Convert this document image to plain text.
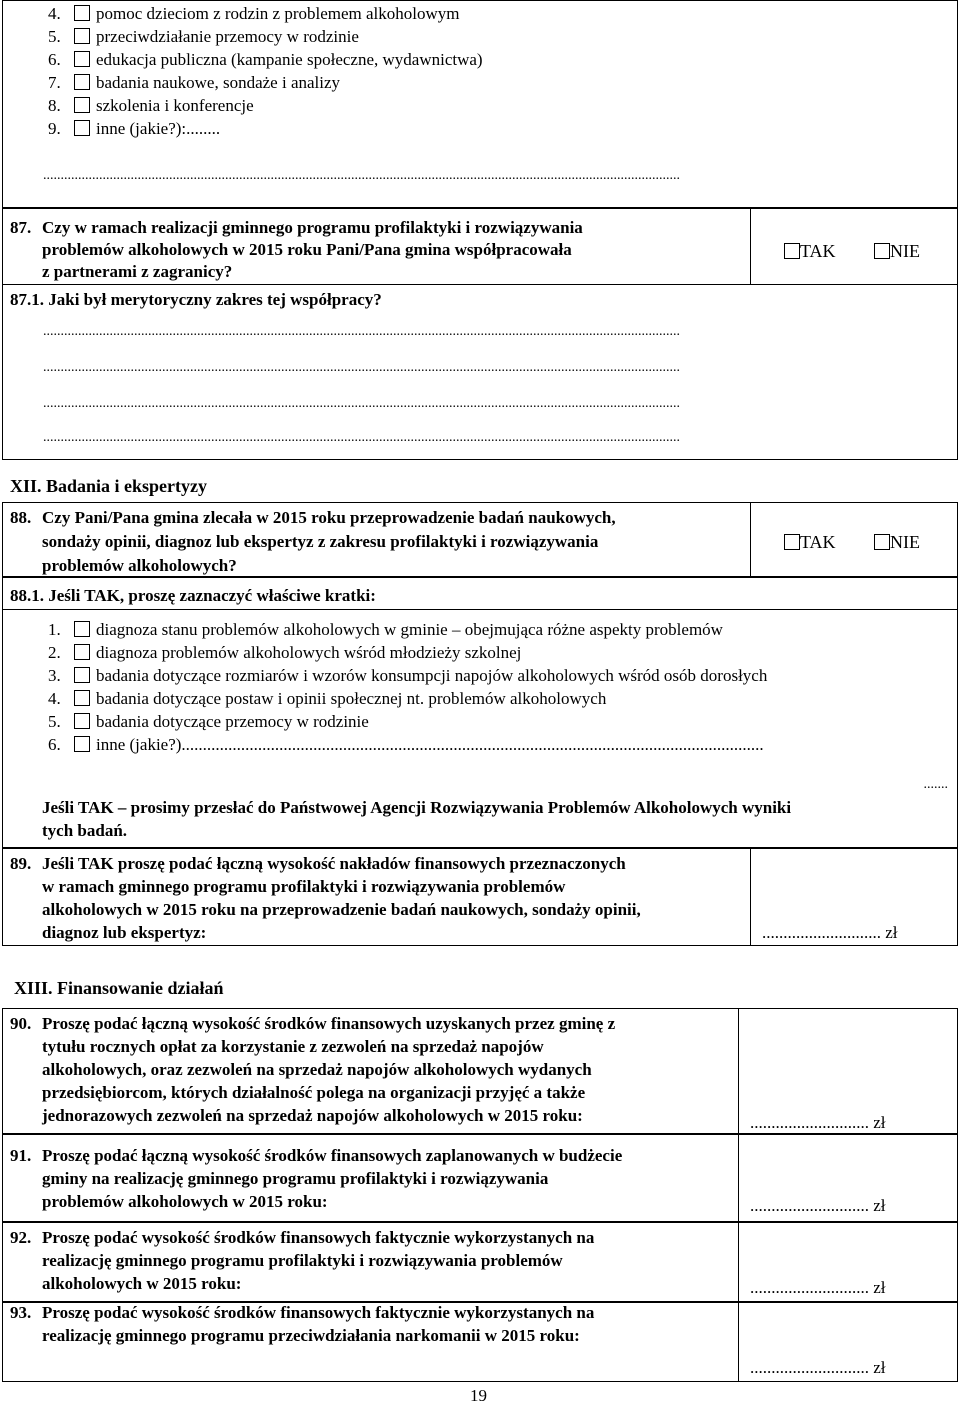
4. pomoc dzieciom z rodzin z problemem alkoholowym
5. przeciwdziałanie przemocy w rodzinie
6. edukacja publiczna (kampanie społeczne, wydawnictwa)
7. badania naukowe, sondaże i analizy
8. szkolenia i konferencje
9. inne (jakie?):........
......................................................................................................................................................................................
87. Czy w ramach realizacji gminnego programu profilaktyki i rozwiązywania
problemów alkoholowych w 2015 roku Pani/Pana gmina współpracowała
z partnerami z zagranicy?
TAK	NIE
87.1. Jaki był merytoryczny zakres tej współpracy?
......................................................................................................................................................................................
......................................................................................................................................................................................
......................................................................................................................................................................................
......................................................................................................................................................................................
XII. Badania i ekspertyzy
88. Czy Pani/Pana gmina zlecała w 2015 roku przeprowadzenie badań naukowych,
sondaży opinii, diagnoz lub ekspertyz z zakresu profilaktyki i rozwiązywania
problemów alkoholowych?
TAK	NIE
88.1. Jeśli TAK, proszę zaznaczyć właściwe kratki:
1. diagnoza stanu problemów alkoholowych w gminie – obejmująca różne aspekty problemów
2. diagnoza problemów alkoholowych wśród młodzieży szkolnej
3. badania dotyczące rozmiarów i wzorów konsumpcji napojów alkoholowych wśród osób dorosłych
4. badania dotyczące postaw i opinii społecznej nt. problemów alkoholowych
5. badania dotyczące przemocy w rodzinie
6. inne (jakie?).........................................................................................................................................
.......
Jeśli TAK – prosimy przesłać do Państwowej Agencji Rozwiązywania Problemów Alkoholowych wyniki
tych badań.
89. Jeśli TAK proszę podać łączną wysokość nakładów finansowych przeznaczonych
w ramach gminnego programu profilaktyki i rozwiązywania problemów
alkoholowych w 2015 roku na przeprowadzenie badań naukowych, sondaży opinii,
diagnoz lub ekspertyz:	............................ zł
XIII. Finansowanie działań
90. Proszę podać łączną wysokość środków finansowych uzyskanych przez gminę z
tytułu rocznych opłat za korzystanie z zezwoleń na sprzedaż napojów
alkoholowych, oraz zezwoleń na sprzedaż napojów alkoholowych wydanych
przedsiębiorcom, których działalność polega na organizacji przyjęć a także
jednorazowych zezwoleń na sprzedaż napojów alkoholowych w 2015 roku:	............................ zł
91. Proszę podać łączną wysokość środków finansowych zaplanowanych w budżecie
gminy na realizację gminnego programu profilaktyki i rozwiązywania
problemów alkoholowych w 2015 roku:	............................ zł
92. Proszę podać wysokość środków finansowych faktycznie wykorzystanych na
realizację gminnego programu profilaktyki i rozwiązywania problemów
alkoholowych w 2015 roku:	............................ zł
93. Proszę podać wysokość środków finansowych faktycznie wykorzystanych na
realizację gminnego programu przeciwdziałania narkomanii w 2015 roku:
............................ zł
19
